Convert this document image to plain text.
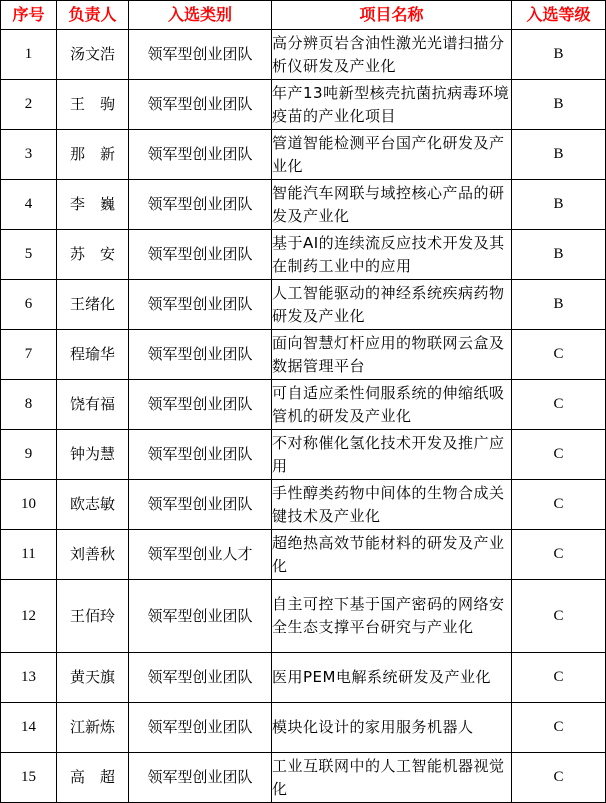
序号	负责人	入选类别	项目名称	入选等级
1	汤文浩	领军型创业团队	高分辨页岩含油性激光光谱扫描分析仪研发及产业化	B
2	王　驹	领军型创业团队	年产13吨新型核壳抗菌抗病毒环境疫苗的产业化项目	B
3	那　新	领军型创业团队	管道智能检测平台国产化研发及产业化	B
4	李　巍	领军型创业团队	智能汽车网联与域控核心产品的研发及产业化	B
5	苏　安	领军型创业团队	基于AI的连续流反应技术开发及其在制药工业中的应用	B
6	王绪化	领军型创业团队	人工智能驱动的神经系统疾病药物研发及产业化	B
7	程瑜华	领军型创业团队	面向智慧灯杆应用的物联网云盒及数据管理平台	C
8	饶有福	领军型创业团队	可自适应柔性伺服系统的伸缩纸吸管机的研发及产业化	C
9	钟为慧	领军型创业团队	不对称催化氢化技术开发及推广应用	C
10	欧志敏	领军型创业团队	手性醇类药物中间体的生物合成关键技术及产业化	C
11	刘善秋	领军型创业人才	超绝热高效节能材料的研发及产业化	C
12	王佰玲	领军型创业团队	自主可控下基于国产密码的网络安全生态支撑平台研究与产业化	C
13	黄天旗	领军型创业团队	医用PEM电解系统研发及产业化	C
14	江新炼	领军型创业团队	模块化设计的家用服务机器人	C
15	高　超	领军型创业团队	工业互联网中的人工智能机器视觉化	C
